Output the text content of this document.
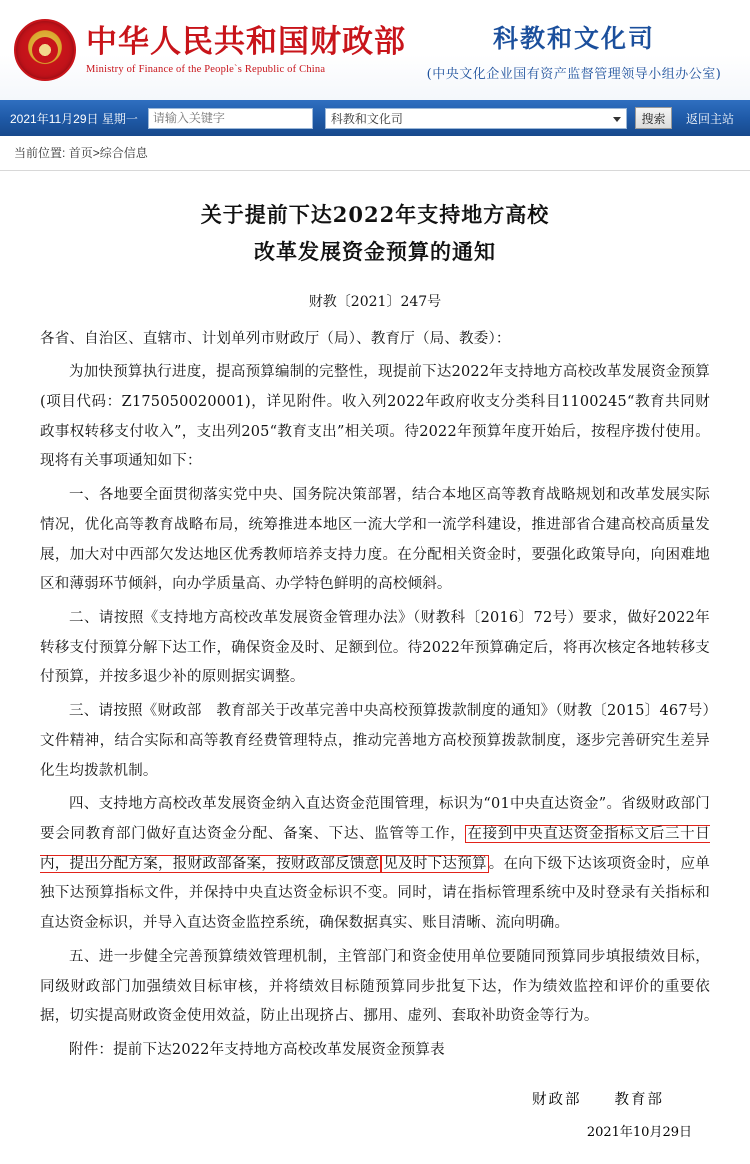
中华人民共和国财政部
Ministry of Finance of the People`s Republic of China
科教和文化司
(中央文化企业国有资产监督管理领导小组办公室)
2021年11月29日 星期一
请输入关键字	科教和文化司	搜索	返回主站
当前位置: 首页>综合信息
关于提前下达2022年支持地方高校
改革发展资金预算的通知
财教〔2021〕247号

各省、自治区、直辖市、计划单列市财政厅（局）、教育厅（局、教委）：

为加快预算执行进度，提高预算编制的完整性，现提前下达2022年支持地方高校改革发展资金预算(项目代码：Z175050020001)，详见附件。收入列2022年政府收支分类科目1100245“教育共同财政事权转移支付收入”，支出列205“教育支出”相关项。待2022年预算年度开始后，按程序拨付使用。现将有关事项通知如下：

一、各地要全面贯彻落实党中央、国务院决策部署，结合本地区高等教育战略规划和改革发展实际情况，优化高等教育战略布局，统筹推进本地区一流大学和一流学科建设，推进部省合建高校高质量发展，加大对中西部欠发达地区优秀教师培养支持力度。在分配相关资金时，要强化政策导向，向困难地区和薄弱环节倾斜，向办学质量高、办学特色鲜明的高校倾斜。

二、请按照《支持地方高校改革发展资金管理办法》（财教科〔2016〕72号）要求，做好2022年转移支付预算分解下达工作，确保资金及时、足额到位。待2022年预算确定后，将再次核定各地转移支付预算，并按多退少补的原则据实调整。

三、请按照《财政部　教育部关于改革完善中央高校预算拨款制度的通知》（财教〔2015〕467号）文件精神，结合实际和高等教育经费管理特点，推动完善地方高校预算拨款制度，逐步完善研究生差异化生均拨款机制。

四、支持地方高校改革发展资金纳入直达资金范围管理，标识为“01中央直达资金”。省级财政部门要会同教育部门做好直达资金分配、备案、下达、监管等工作， 在接到中央直达资金指标文后三十日内，提出分配方案，报财政部备案，按财政部反馈意 见及时下达预算 。在向下级下达该项资金时，应单独下达预算指标文件，并保持中央直达资金标识不变。同时，请在指标管理系统中及时登录有关指标和直达资金标识，并导入直达资金监控系统，确保数据真实、账目清晰、流向明确。

五、进一步健全完善预算绩效管理机制，主管部门和资金使用单位要随同预算同步填报绩效目标，同级财政部门加强绩效目标审核，并将绩效目标随预算同步批复下达，作为绩效监控和评价的重要依据，切实提高财政资金使用效益，防止出现挤占、挪用、虚列、套取补助资金等行为。

附件：提前下达2022年支持地方高校改革发展资金预算表

财政部 教育部
2021年10月29日
